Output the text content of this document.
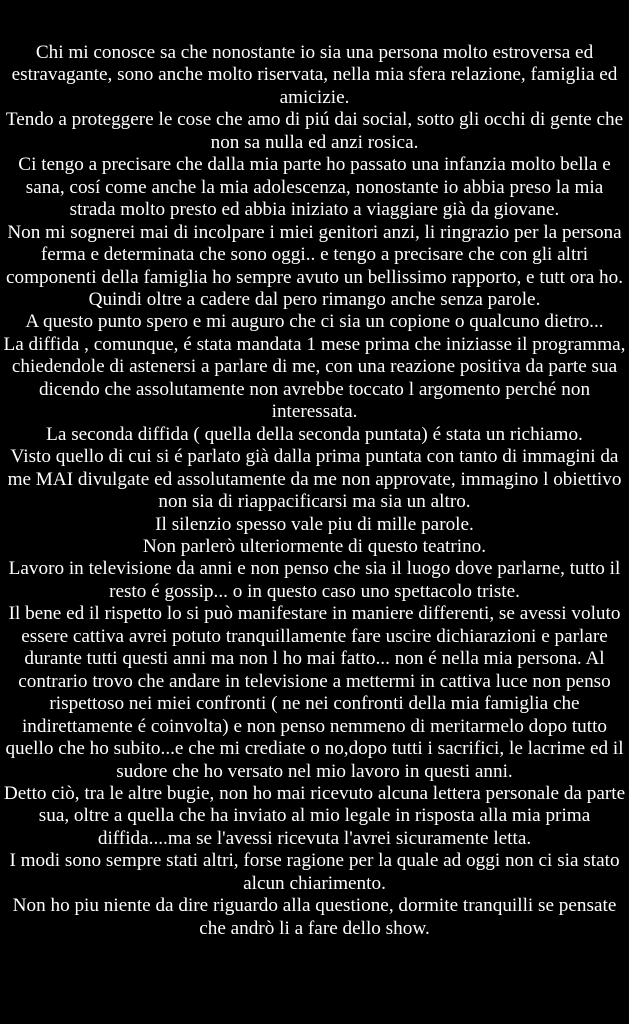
Chi mi conosce sa che nonostante io sia una persona molto estroversa ed estravagante, sono anche molto riservata, nella mia sfera relazione, famiglia ed amicizie.

Tendo a proteggere le cose che amo di piú dai social, sotto gli occhi di gente che non sa nulla ed anzi rosica.

Ci tengo a precisare che dalla mia parte ho passato una infanzia molto bella e sana, cosí come anche la mia adolescenza, nonostante io abbia preso la mia strada molto presto ed abbia iniziato a viaggiare già da giovane.

Non mi sognerei mai di incolpare i miei genitori anzi, li ringrazio per la persona ferma e determinata che sono oggi.. e tengo a precisare che con gli altri componenti della famiglia ho sempre avuto un bellissimo rapporto, e tutt ora ho.

Quindi oltre a cadere dal pero rimango anche senza parole.

A questo punto spero e mi auguro che ci sia un copione o qualcuno dietro...

La diffida , comunque, é stata mandata 1 mese prima che iniziasse il programma, chiedendole di astenersi a parlare di me, con una reazione positiva da parte sua dicendo che assolutamente non avrebbe toccato l argomento perché non interessata.

La seconda diffida ( quella della seconda puntata) é stata un richiamo.

Visto quello di cui si é parlato già dalla prima puntata con tanto di immagini da me MAI divulgate ed assolutamente da me non approvate, immagino l obiettivo non sia di riappacificarsi ma sia un altro.

Il silenzio spesso vale piu di mille parole.

Non parlerò ulteriormente di questo teatrino.

Lavoro in televisione da anni e non penso che sia il luogo dove parlarne, tutto il resto é gossip... o in questo caso uno spettacolo triste.

Il bene ed il rispetto lo si può manifestare in maniere differenti, se avessi voluto essere cattiva avrei potuto tranquillamente fare uscire dichiarazioni e parlare durante tutti questi anni ma non l ho mai fatto... non é nella mia persona. Al contrario trovo che andare in televisione a mettermi in cattiva luce non penso rispettoso nei miei confronti ( ne nei confronti della mia famiglia che indirettamente é coinvolta) e non penso nemmeno di meritarmelo dopo tutto quello che ho subito...e che mi crediate o no,dopo tutti i sacrifici, le lacrime ed il sudore che ho versato nel mio lavoro in questi anni.

Detto ciò, tra le altre bugie, non ho mai ricevuto alcuna lettera personale da parte sua, oltre a quella che ha inviato al mio legale in risposta alla mia prima diffida....ma se l'avessi ricevuta l'avrei sicuramente letta.

I modi sono sempre stati altri, forse ragione per la quale ad oggi non ci sia stato alcun chiarimento.

Non ho piu niente da dire riguardo alla questione, dormite tranquilli se pensate che andrò li a fare dello show.
